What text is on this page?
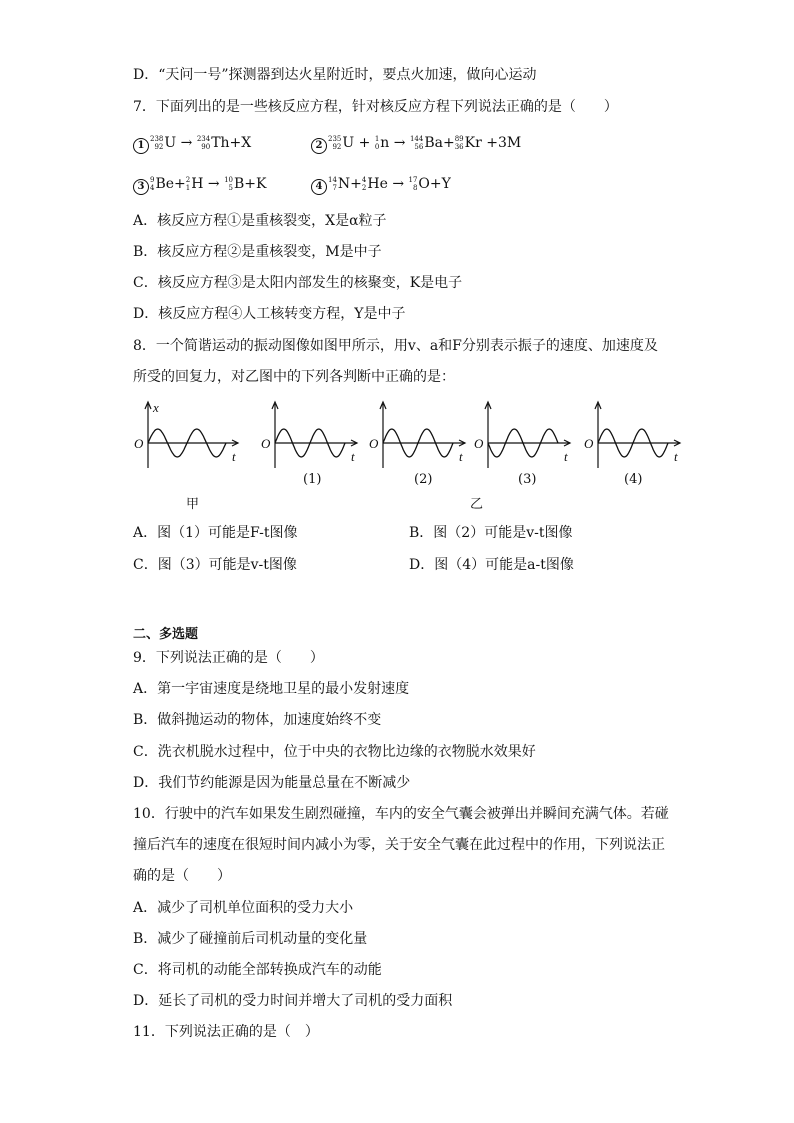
D．“天问一号”探测器到达火星附近时，要点火加速，做向心运动
7．下面列出的是一些核反应方程，针对核反应方程下列说法正确的是（　　）
1
238
92 U → 234
90 Th+X	2
235
92 U + 1
0 n → 144
56 Ba+ 89
36 Kr +3M
3
9
4 Be+ 2
1 H → 10
5 B+K	4
14
7 N+ 4
2 He → 17
8 O+Y
A．核反应方程①是重核裂变，X是α粒子
B．核反应方程②是重核裂变，M是中子
C．核反应方程③是太阳内部发生的核聚变，K是电子
D．核反应方程④人工核转变方程，Y是中子
8．一个简谐运动的振动图像如图甲所示，用v、a和F分别表示振子的速度、加速度及
所受的回复力，对乙图中的下列各判断中正确的是：
O
t
x
O
t
O
t
O
t
O
t
(1)	(2)	(3)	(4)
甲	乙
A．图（1）可能是F-t图像	B．图（2）可能是v-t图像
C．图（3）可能是v-t图像	D．图（4）可能是a-t图像
二、多选题
9．下列说法正确的是（　　）
A．第一宇宙速度是绕地卫星的最小发射速度
B．做斜抛运动的物体，加速度始终不变
C．洗衣机脱水过程中，位于中央的衣物比边缘的衣物脱水效果好
D．我们节约能源是因为能量总量在不断减少
10．行驶中的汽车如果发生剧烈碰撞，车内的安全气囊会被弹出并瞬间充满气体。若碰
撞后汽车的速度在很短时间内减小为零，关于安全气囊在此过程中的作用，下列说法正
确的是（　　）
A．减少了司机单位面积的受力大小
B．减少了碰撞前后司机动量的变化量
C．将司机的动能全部转换成汽车的动能
D．延长了司机的受力时间并增大了司机的受力面积
11．下列说法正确的是（　）
